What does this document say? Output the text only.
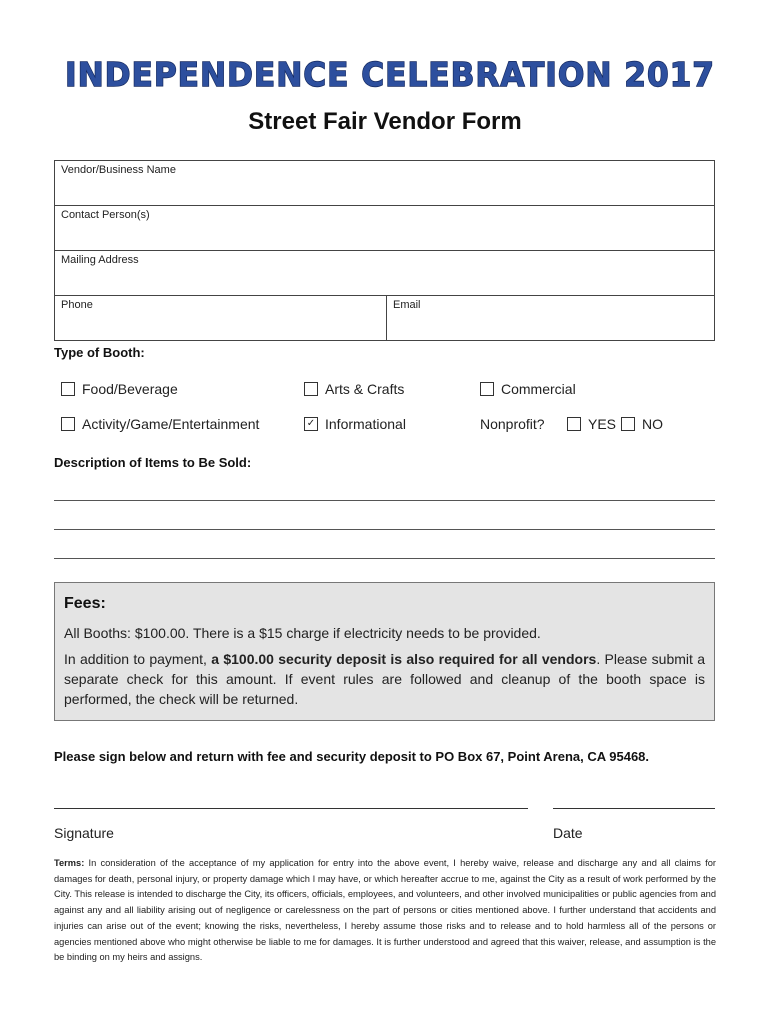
INDEPENDENCE CELEBRATION 2017
Street Fair Vendor Form
Vendor/Business Name
Contact Person(s)
Mailing Address
Phone	Email
Type of Booth:
Food/Beverage	Arts & Crafts	Commercial
Activity/Game/Entertainment	✓ Informational	Nonprofit?	YES NO
Description of Items to Be Sold:
Fees:

All Booths: $100.00. There is a $15 charge if electricity needs to be provided.

In addition to payment, a $100.00 security deposit is also required for all vendors. Please submit a separate check for this amount. If event rules are followed and cleanup of the booth space is performed, the check will be returned.

Please sign below and return with fee and security deposit to PO Box 67, Point Arena, CA 95468.
Signature	Date

Terms: In consideration of the acceptance of my application for entry into the above event, I hereby waive, release and discharge any and all claims for damages for death, personal injury, or property damage which I may have, or which hereafter accrue to me, against the City as a result of work performed by the City. This release is intended to discharge the City, its officers, officials, employees, and volunteers, and other involved municipalities or public agencies from and against any and all liability arising out of negligence or carelessness on the part of persons or cities mentioned above. I further understand that accidents and injuries can arise out of the event; knowing the risks, nevertheless, I hereby assume those risks and to release and to hold harmless all of the persons or agencies mentioned above who might otherwise be liable to me for damages. It is further understood and agreed that this waiver, release, and assumption is the be binding on my heirs and assigns.
